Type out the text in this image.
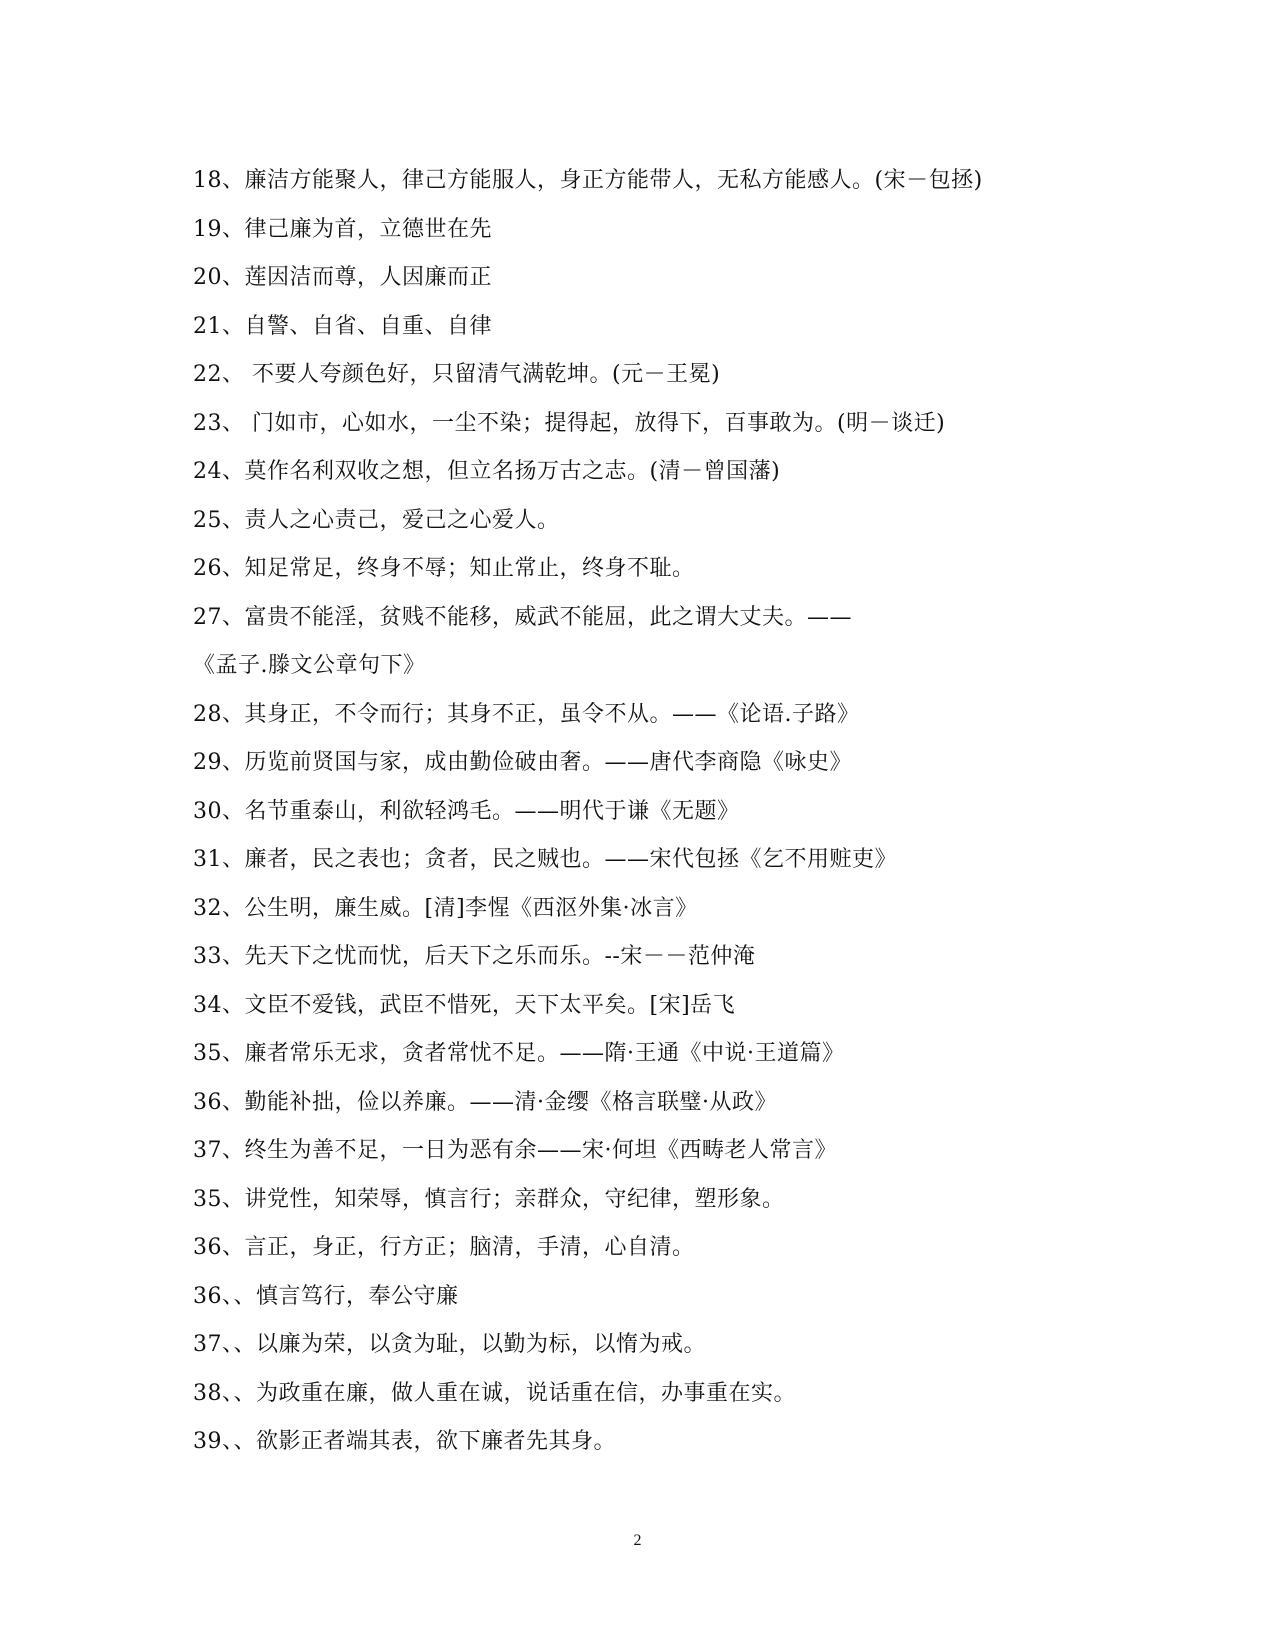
18、廉洁方能聚人，律己方能服人，身正方能带人，无私方能感人。(宋－包拯)
19、律己廉为首，立德世在先
20、莲因洁而尊，人因廉而正
21、自警、自省、自重、自律
22、 不要人夸颜色好，只留清气满乾坤。(元－王冕)
23、 门如市，心如水，一尘不染；提得起，放得下，百事敢为。(明－谈迁)
24、莫作名利双收之想，但立名扬万古之志。(清－曾国藩)
25、责人之心责己，爱己之心爱人。
26、知足常足，终身不辱；知止常止，终身不耻。
27、富贵不能淫，贫贱不能移，威武不能屈，此之谓大丈夫。——
《孟子.滕文公章句下》
28、其身正，不令而行；其身不正，虽令不从。——《论语.子路》
29、历览前贤国与家，成由勤俭破由奢。——唐代李商隐《咏史》
30、名节重泰山，利欲轻鸿毛。——明代于谦《无题》
31、廉者，民之表也；贪者，民之贼也。——宋代包拯《乞不用赃吏》
32、公生明，廉生威。[清]李惺《西沤外集·冰言》
33、先天下之忧而忧，后天下之乐而乐。--宋－－范仲淹
34、文臣不爱钱，武臣不惜死，天下太平矣。[宋]岳飞
35、廉者常乐无求，贪者常忧不足。——隋·王通《中说·王道篇》
36、勤能补拙，俭以养廉。——清·金缨《格言联璧·从政》
37、终生为善不足，一日为恶有余——宋·何坦《西畴老人常言》
35、讲党性，知荣辱，慎言行；亲群众，守纪律，塑形象。
36、言正，身正，行方正；脑清，手清，心自清。
36、、慎言笃行，奉公守廉
37、、以廉为荣，以贪为耻，以勤为标，以惰为戒。
38、、为政重在廉，做人重在诚，说话重在信，办事重在实。
39、、欲影正者端其表，欲下廉者先其身。
2
